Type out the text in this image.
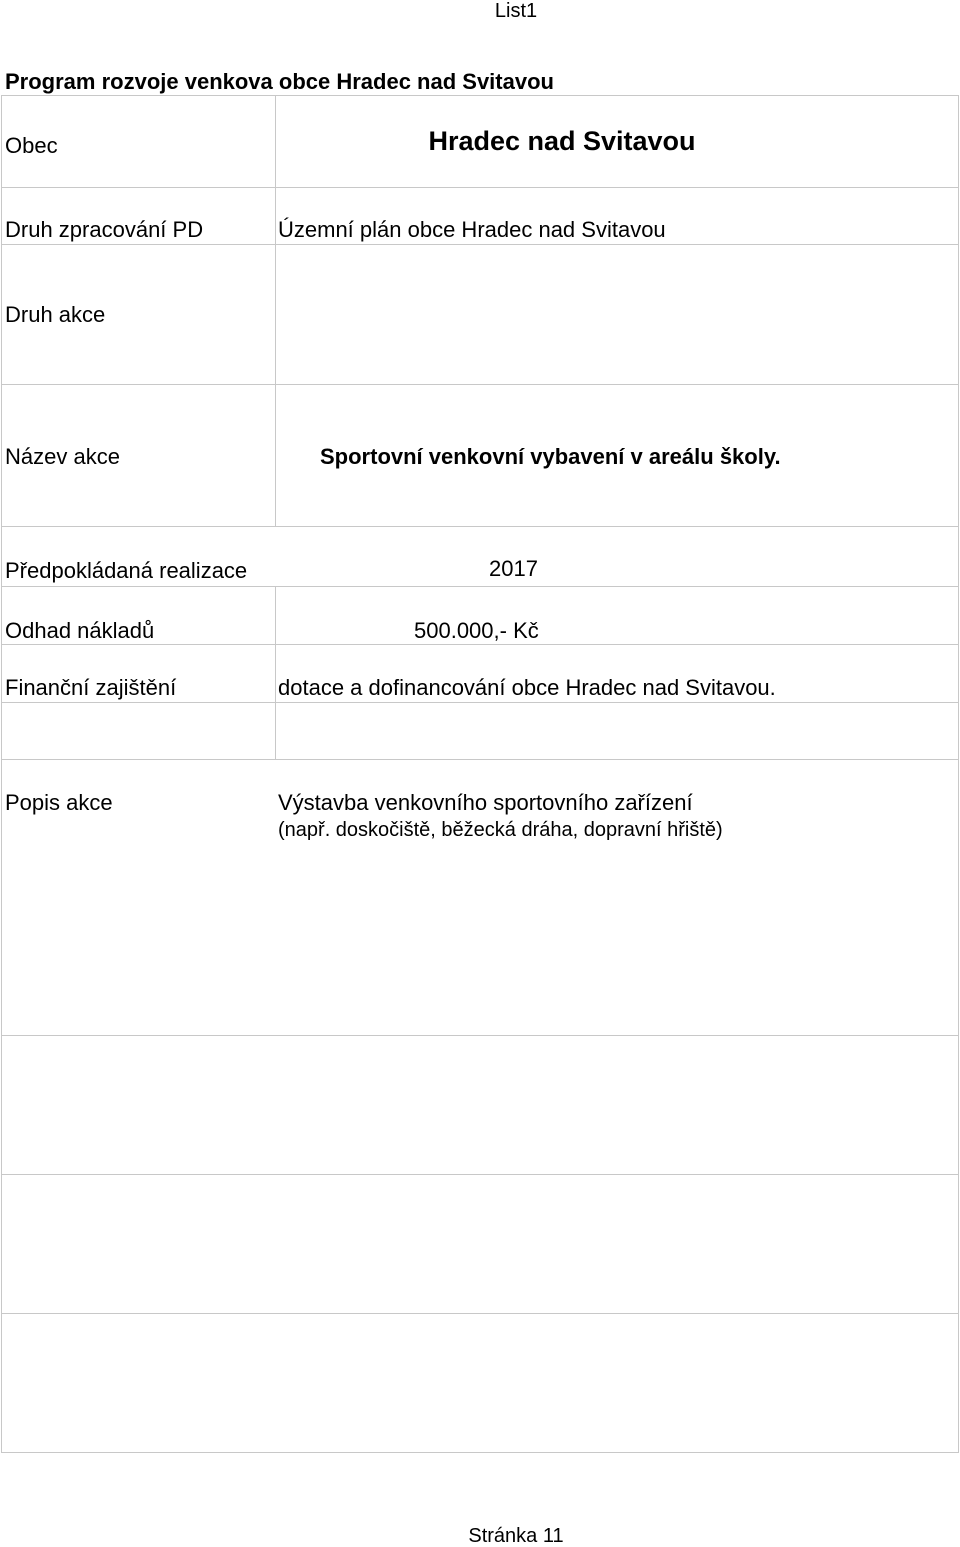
List1
Program rozvoje venkova obce Hradec nad Svitavou
Obec	Hradec nad Svitavou
Druh zpracování PD	Územní plán obce Hradec nad Svitavou
Druh akce
Název akce	Sportovní venkovní vybavení v areálu školy.
Předpokládaná realizace	2017
Odhad nákladů	500.000,- Kč
Finanční zajištění	dotace a dofinancování obce Hradec nad Svitavou.
Popis akce	Výstavba venkovního sportovního zařízení
(např. doskočiště, běžecká dráha, dopravní hřiště)
Stránka 11
